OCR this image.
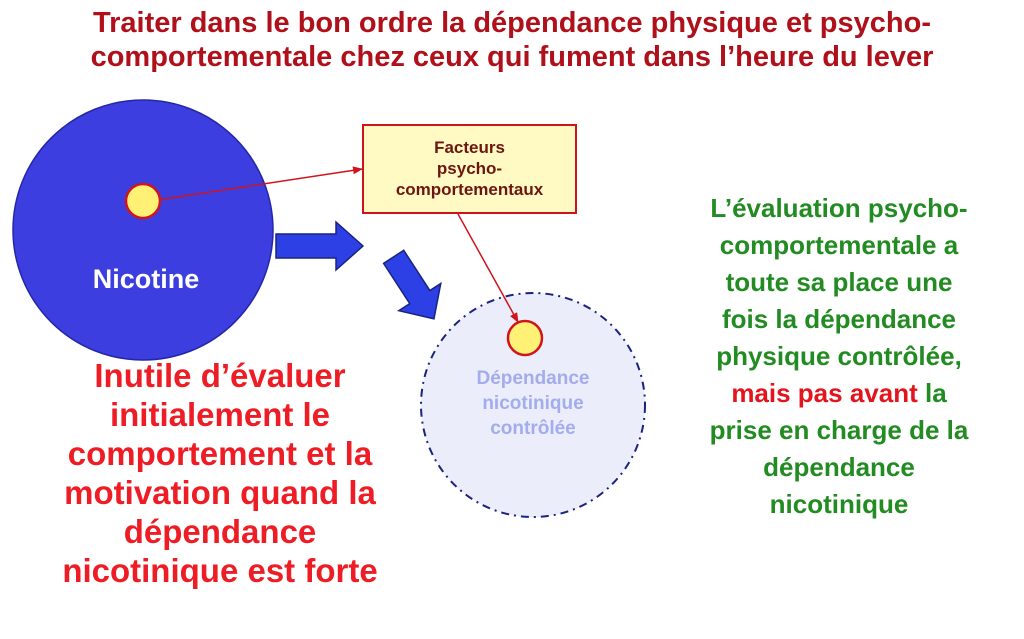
Traiter dans le bon ordre la dépendance physique et psycho-
comportementale chez ceux qui fument dans l’heure du lever
Nicotine
Facteurs
psycho-
comportementaux
Dépendance
nicotinique
contrôlée
Inutile d’évaluer
initialement le
comportement et la
motivation quand la
dépendance
nicotinique est forte
L’évaluation psycho-
comportementale a
toute sa place une
fois la dépendance
physique contrôlée,
mais pas avant la
prise en charge de la
dépendance
nicotinique
